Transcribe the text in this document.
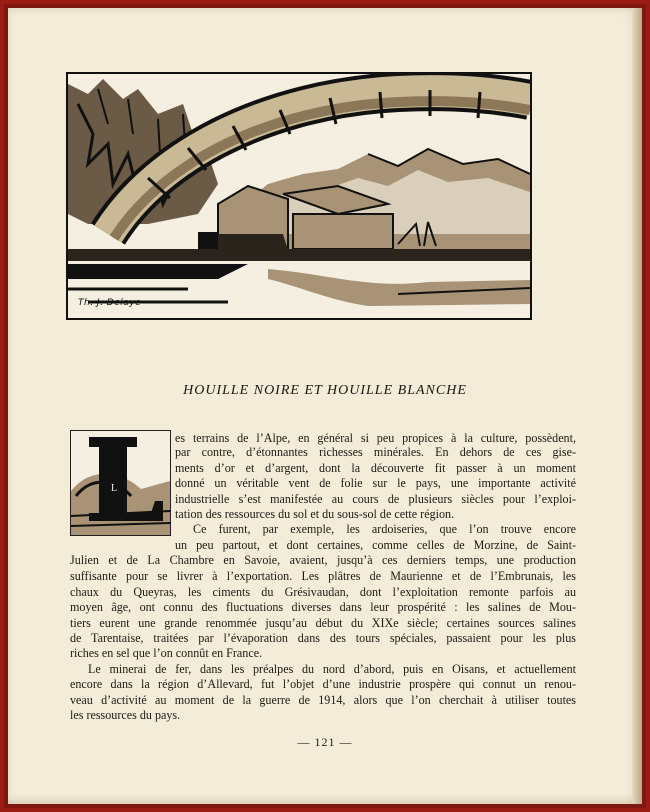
Th. J. Delaye
HOUILLE NOIRE ET HOUILLE BLANCHE
L
es terrains de l’Alpe, en général si peu propices à la culture, possèdent,
par contre, d’étonnantes richesses minérales. En dehors de ces gise-
ments d’or et d’argent, dont la découverte fit passer à un moment
donné un véritable vent de folie sur le pays, une importante activité
industrielle s’est manifestée au cours de plusieurs siècles pour l’exploi-
tation des ressources du sol et du sous-sol de cette région.
Ce furent, par exemple, les ardoiseries, que l’on trouve encore
un peu partout, et dont certaines, comme celles de Morzine, de Saint-
Julien et de La Chambre en Savoie, avaient, jusqu’à ces derniers temps, une production
suffisante pour se livrer à l’exportation. Les plâtres de Maurienne et de l’Embrunais, les
chaux du Queyras, les ciments du Grésivaudan, dont l’exploitation remonte parfois au
moyen âge, ont connu des fluctuations diverses dans leur prospérité : les salines de Mou-
tiers eurent une grande renommée jusqu’au début du XIXe siècle; certaines sources salines
de Tarentaise, traitées par l’évaporation dans des tours spéciales, passaient pour les plus
riches en sel que l’on connût en France.
Le minerai de fer, dans les préalpes du nord d’abord, puis en Oisans, et actuellement
encore dans la région d’Allevard, fut l’objet d’une industrie prospère qui connut un renou-
veau d’activité au moment de la guerre de 1914, alors que l’on cherchait à utiliser toutes
les ressources du pays.
— 121 —
